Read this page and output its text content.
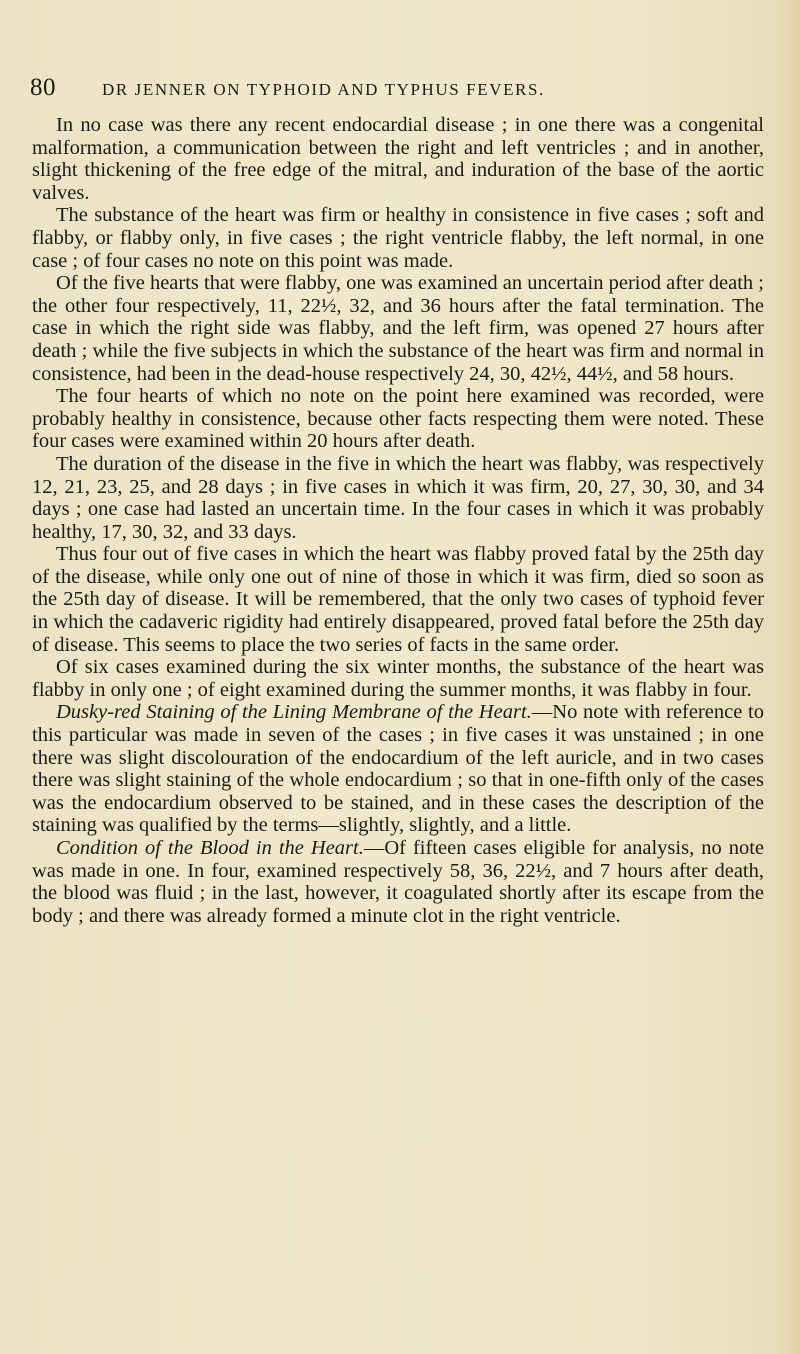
80	DR JENNER ON TYPHOID AND TYPHUS FEVERS.

In no case was there any recent endocardial disease ; in one there was a congenital malformation, a communication between the right and left ventricles ; and in another, slight thickening of the free edge of the mitral, and induration of the base of the aortic valves.

The substance of the heart was firm or healthy in consistence in five cases ; soft and flabby, or flabby only, in five cases ; the right ventricle flabby, the left normal, in one case ; of four cases no note on this point was made.

Of the five hearts that were flabby, one was examined an uncertain period after death ; the other four respectively, 11, 22½, 32, and 36 hours after the fatal termination. The case in which the right side was flabby, and the left firm, was opened 27 hours after death ; while the five subjects in which the substance of the heart was firm and normal in consistence, had been in the dead-house respectively 24, 30, 42½, 44½, and 58 hours.

The four hearts of which no note on the point here examined was recorded, were probably healthy in consistence, because other facts respecting them were noted. These four cases were examined within 20 hours after death.

The duration of the disease in the five in which the heart was flabby, was respectively 12, 21, 23, 25, and 28 days ; in five cases in which it was firm, 20, 27, 30, 30, and 34 days ; one case had lasted an uncertain time. In the four cases in which it was probably healthy, 17, 30, 32, and 33 days.

Thus four out of five cases in which the heart was flabby proved fatal by the 25th day of the disease, while only one out of nine of those in which it was firm, died so soon as the 25th day of disease. It will be remembered, that the only two cases of typhoid fever in which the cadaveric rigidity had entirely disappeared, proved fatal before the 25th day of disease. This seems to place the two series of facts in the same order.

Of six cases examined during the six winter months, the substance of the heart was flabby in only one ; of eight examined during the summer months, it was flabby in four.

Dusky-red Staining of the Lining Membrane of the Heart.—No note with reference to this particular was made in seven of the cases ; in five cases it was unstained ; in one there was slight discolouration of the endocardium of the left auricle, and in two cases there was slight staining of the whole endocardium ; so that in one-fifth only of the cases was the endocardium observed to be stained, and in these cases the description of the staining was qualified by the terms—slightly, slightly, and a little.

Condition of the Blood in the Heart.—Of fifteen cases eligible for analysis, no note was made in one. In four, examined respectively 58, 36, 22½, and 7 hours after death, the blood was fluid ; in the last, however, it coagulated shortly after its escape from the body ; and there was already formed a minute clot in the right ventricle.
